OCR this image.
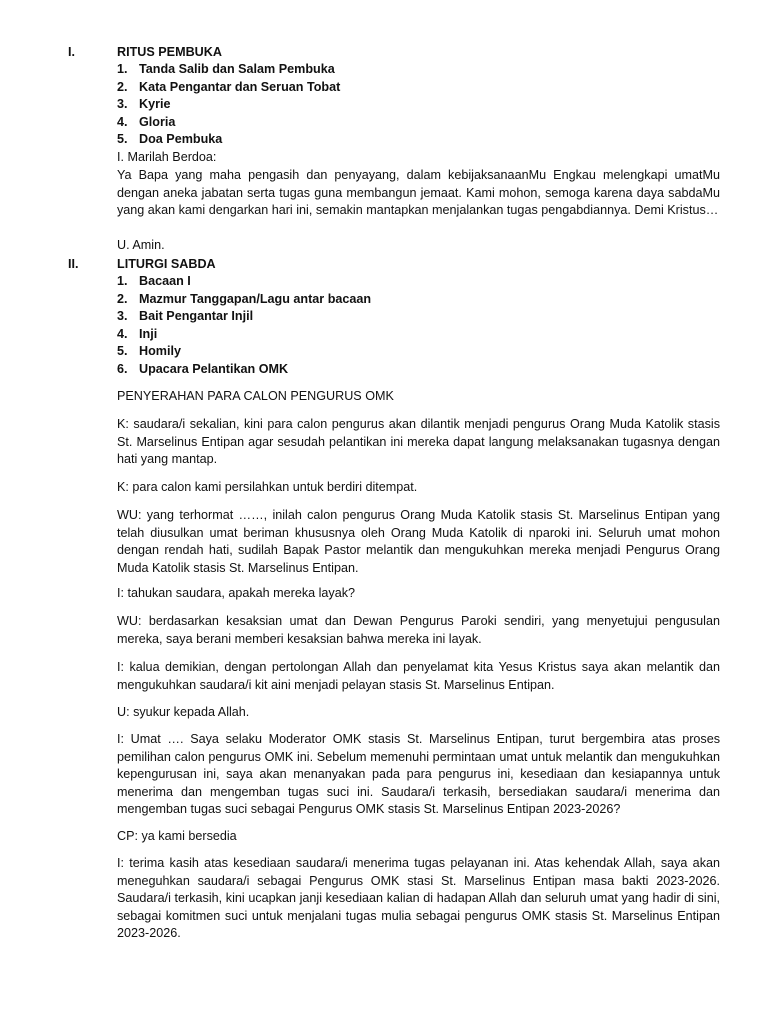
I.	RITUS PEMBUKA
1. Tanda Salib dan Salam Pembuka
2. Kata Pengantar dan Seruan Tobat
3. Kyrie
4. Gloria
5. Doa Pembuka
I. Marilah Berdoa:
Ya Bapa yang maha pengasih dan penyayang, dalam kebijaksanaanMu Engkau melengkapi umatMu dengan aneka jabatan serta tugas guna membangun jemaat. Kami mohon, semoga karena daya sabdaMu yang akan kami dengarkan hari ini, semakin mantapkan menjalankan tugas pengabdiannya. Demi Kristus…
U. Amin.
II.	LITURGI SABDA
1. Bacaan I
2. Mazmur Tanggapan/Lagu antar bacaan
3. Bait Pengantar Injil
4. Inji
5. Homily
6. Upacara Pelantikan OMK
PENYERAHAN PARA CALON PENGURUS OMK
K: saudara/i sekalian, kini para calon pengurus akan dilantik menjadi pengurus Orang Muda Katolik stasis St. Marselinus Entipan agar sesudah pelantikan ini mereka dapat langung melaksanakan tugasnya dengan hati yang mantap.
K: para calon kami persilahkan untuk berdiri ditempat.
WU: yang terhormat ……, inilah calon pengurus Orang Muda Katolik stasis St. Marselinus Entipan yang telah diusulkan umat beriman khususnya oleh Orang Muda Katolik di nparoki ini. Seluruh umat mohon dengan rendah hati, sudilah Bapak Pastor melantik dan mengukuhkan mereka menjadi Pengurus Orang Muda Katolik stasis St. Marselinus Entipan.
I: tahukan saudara, apakah mereka layak?
WU: berdasarkan kesaksian umat dan Dewan Pengurus Paroki sendiri, yang menyetujui pengusulan mereka, saya berani memberi kesaksian bahwa mereka ini layak.
I: kalua demikian, dengan pertolongan Allah dan penyelamat kita Yesus Kristus saya akan melantik dan mengukuhkan saudara/i kit aini menjadi pelayan stasis St. Marselinus Entipan.
U: syukur kepada Allah.
I: Umat …. Saya selaku Moderator OMK stasis St. Marselinus Entipan, turut bergembira atas proses pemilihan calon pengurus OMK ini. Sebelum memenuhi permintaan umat untuk melantik dan mengukuhkan kepengurusan ini, saya akan menanyakan pada para pengurus ini, kesediaan dan kesiapannya untuk menerima dan mengemban tugas suci ini. Saudara/i terkasih, bersediakan saudara/i menerima dan mengemban tugas suci sebagai Pengurus OMK stasis St. Marselinus Entipan 2023-2026?
CP: ya kami bersedia
I: terima kasih atas kesediaan saudara/i menerima tugas pelayanan ini. Atas kehendak Allah, saya akan meneguhkan saudara/i sebagai Pengurus OMK stasi St. Marselinus Entipan masa bakti 2023-2026. Saudara/i terkasih, kini ucapkan janji kesediaan kalian di hadapan Allah dan seluruh umat yang hadir di sini, sebagai komitmen suci untuk menjalani tugas mulia sebagai pengurus OMK stasis St. Marselinus Entipan 2023-2026.
